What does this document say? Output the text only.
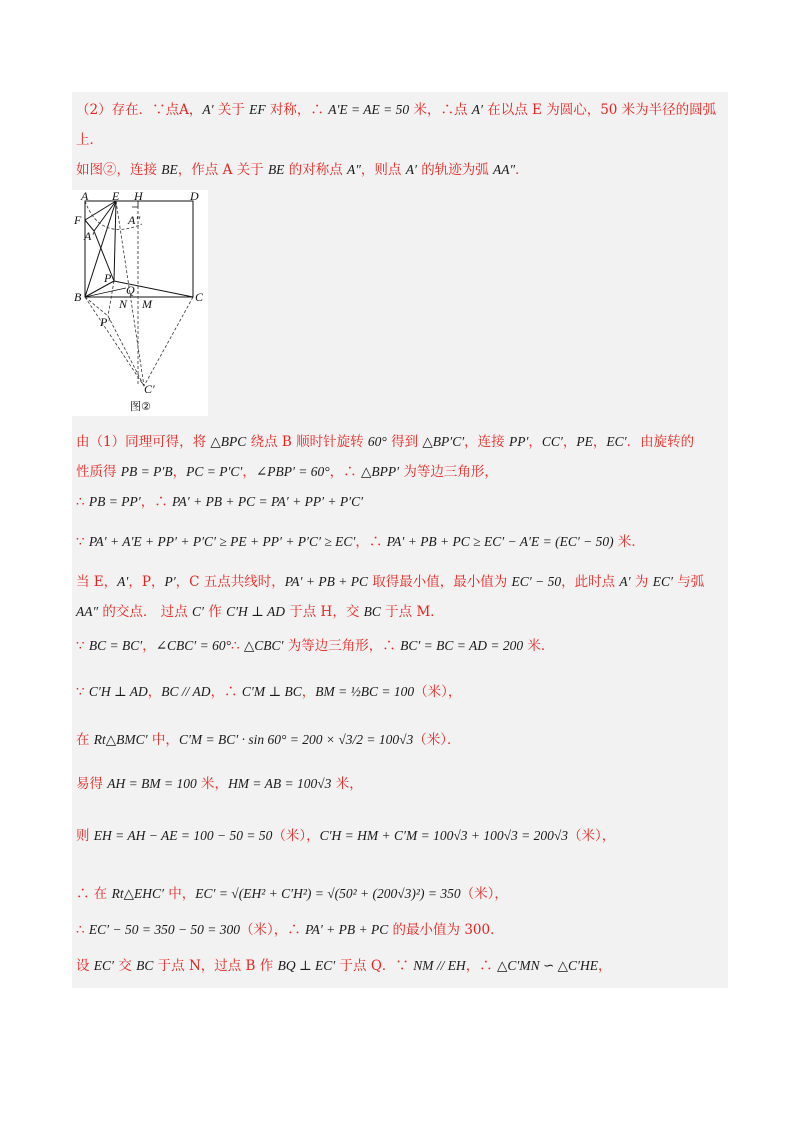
（2）存在．∵点A，A′ 关于 EF 对称，∴ A′E = AE = 50 米，∴点 A′ 在以点 E 为圆心，50 米为半径的圆弧
上．
如图②，连接 BE，作点 A 关于 BE 的对称点 A″，则点 A′ 的轨迹为弧 AA″．
由（1）同理可得，将 △BPC 绕点 B 顺时针旋转 60° 得到 △BP′C′，连接 PP′，CC′，PE，EC′．由旋转的
性质得 PB = P′B，PC = P′C′，∠PBP′ = 60°，∴ △BPP′ 为等边三角形，
∴ PB = PP′，∴ PA′ + PB + PC = PA′ + PP′ + P′C′
∵ PA′ + A′E + PP′ + P′C′ ≥ PE + PP′ + P′C′ ≥ EC′，∴ PA′ + PB + PC ≥ EC′ − A′E = (EC′ − 50) 米．
当 E，A′，P，P′，C 五点共线时，PA′ + PB + PC 取得最小值，最小值为 EC′ − 50，此时点 A′ 为 EC′ 与弧
AA″ 的交点． 过点 C′ 作 C′H ⊥ AD 于点 H，交 BC 于点 M．
∵ BC = BC′，∠CBC′ = 60°∴ △CBC′ 为等边三角形，∴ BC′ = BC = AD = 200 米．
∵ C′H ⊥ AD，BC // AD，∴ C′M ⊥ BC，BM = ½BC = 100（米），
在 Rt△BMC′ 中，C′M = BC′ · sin 60° = 200 × √3/2 = 100√3（米）．
易得 AH = BM = 100 米，HM = AB = 100√3 米，
则 EH = AH − AE = 100 − 50 = 50（米），C′H = HM + C′M = 100√3 + 100√3 = 200√3（米），
∴ 在 Rt△EHC′ 中，EC′ = √(EH² + C′H²) = √(50² + (200√3)²) = 350（米），
∴ EC′ − 50 = 350 − 50 = 300（米），∴ PA′ + PB + PC 的最小值为 300．
设 EC′ 交 BC 于点 N，过点 B 作 BQ ⊥ EC′ 于点 Q．∵ NM // EH，∴ △C′MN ∽ △C′HE，
A E H	D
F	A″
A′
B	C
P
Q
N M
P′
C′
图②
